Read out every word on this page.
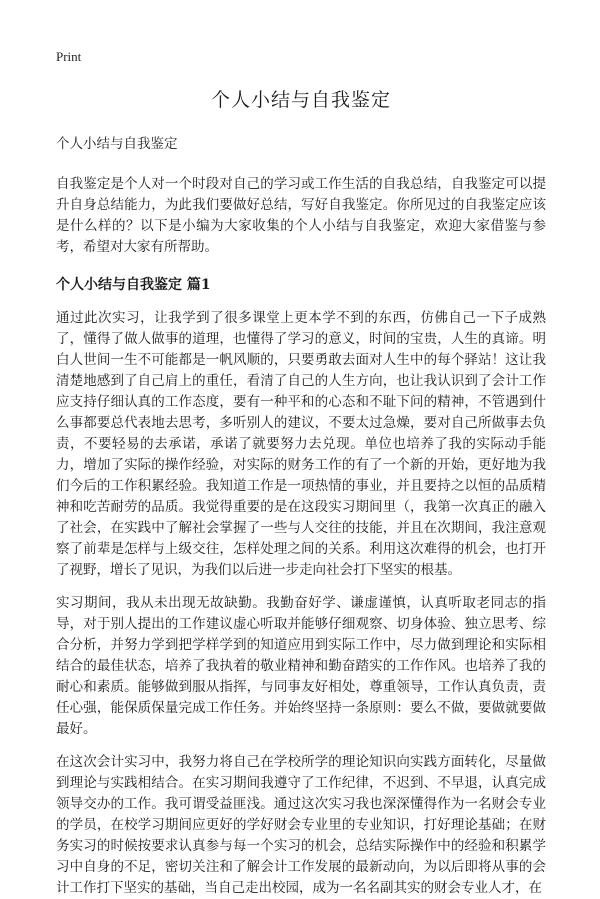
Print
个人小结与自我鉴定

个人小结与自我鉴定

自我鉴定是个人对一个时段对自己的学习或工作生活的自我总结，自我鉴定可以提升自身总结能力，为此我们要做好总结，写好自我鉴定。你所见过的自我鉴定应该是什么样的？以下是小编为大家收集的个人小结与自我鉴定，欢迎大家借鉴与参考，希望对大家有所帮助。

个人小结与自我鉴定 篇1

通过此次实习，让我学到了很多课堂上更本学不到的东西，仿佛自己一下子成熟了，懂得了做人做事的道理，也懂得了学习的意义，时间的宝贵，人生的真谛。明白人世间一生不可能都是一帆风顺的，只要勇敢去面对人生中的每个驿站！这让我清楚地感到了自己肩上的重任，看清了自己的人生方向，也让我认识到了会计工作应支持仔细认真的工作态度，要有一种平和的心态和不耻下问的精神，不管遇到什么事都要总代表地去思考，多听别人的建议，不要太过急燥，要对自己所做事去负责，不要轻易的去承诺，承诺了就要努力去兑现。单位也培养了我的实际动手能力，增加了实际的操作经验，对实际的财务工作的有了一个新的开始，更好地为我们今后的工作积累经验。我知道工作是一项热情的事业，并且要持之以恒的品质精神和吃苦耐劳的品质。我觉得重要的是在这段实习期间里（，我第一次真正的融入了社会，在实践中了解社会掌握了一些与人交往的技能，并且在次期间，我注意观察了前辈是怎样与上级交往，怎样处理之间的关系。利用这次难得的机会，也打开了视野，增长了见识，为我们以后进一步走向社会打下坚实的根基。

实习期间，我从未出现无故缺勤。我勤奋好学、谦虚谨慎，认真听取老同志的指导，对于别人提出的工作建议虚心听取并能够仔细观察、切身体验、独立思考、综合分析，并努力学到把学样学到的知道应用到实际工作中，尽力做到理论和实际相结合的最佳状态，培养了我执着的敬业精神和勤奋踏实的工作作风。也培养了我的耐心和素质。能够做到服从指挥，与同事友好相处，尊重领导，工作认真负责，责任心强，能保质保量完成工作任务。并始终坚持一条原则：要么不做，要做就要做最好。

在这次会计实习中，我努力将自己在学校所学的理论知识向实践方面转化，尽量做到理论与实践相结合。在实习期间我遵守了工作纪律，不迟到、不早退，认真完成领导交办的工作。我可谓受益匪浅。通过这次实习我也深深懂得作为一名财会专业的学员，在校学习期间应更好的学好财会专业里的专业知识，打好理论基础；在财务实习的时候按要求认真参与每一个实习的机会，总结实际操作中的经验和积累学习中自身的不足，密切关注和了解会计工作发展的最新动向，为以后即将从事的会计工作打下坚实的基础，当自己走出校园，成为一名名副其实的财会专业人才，在
